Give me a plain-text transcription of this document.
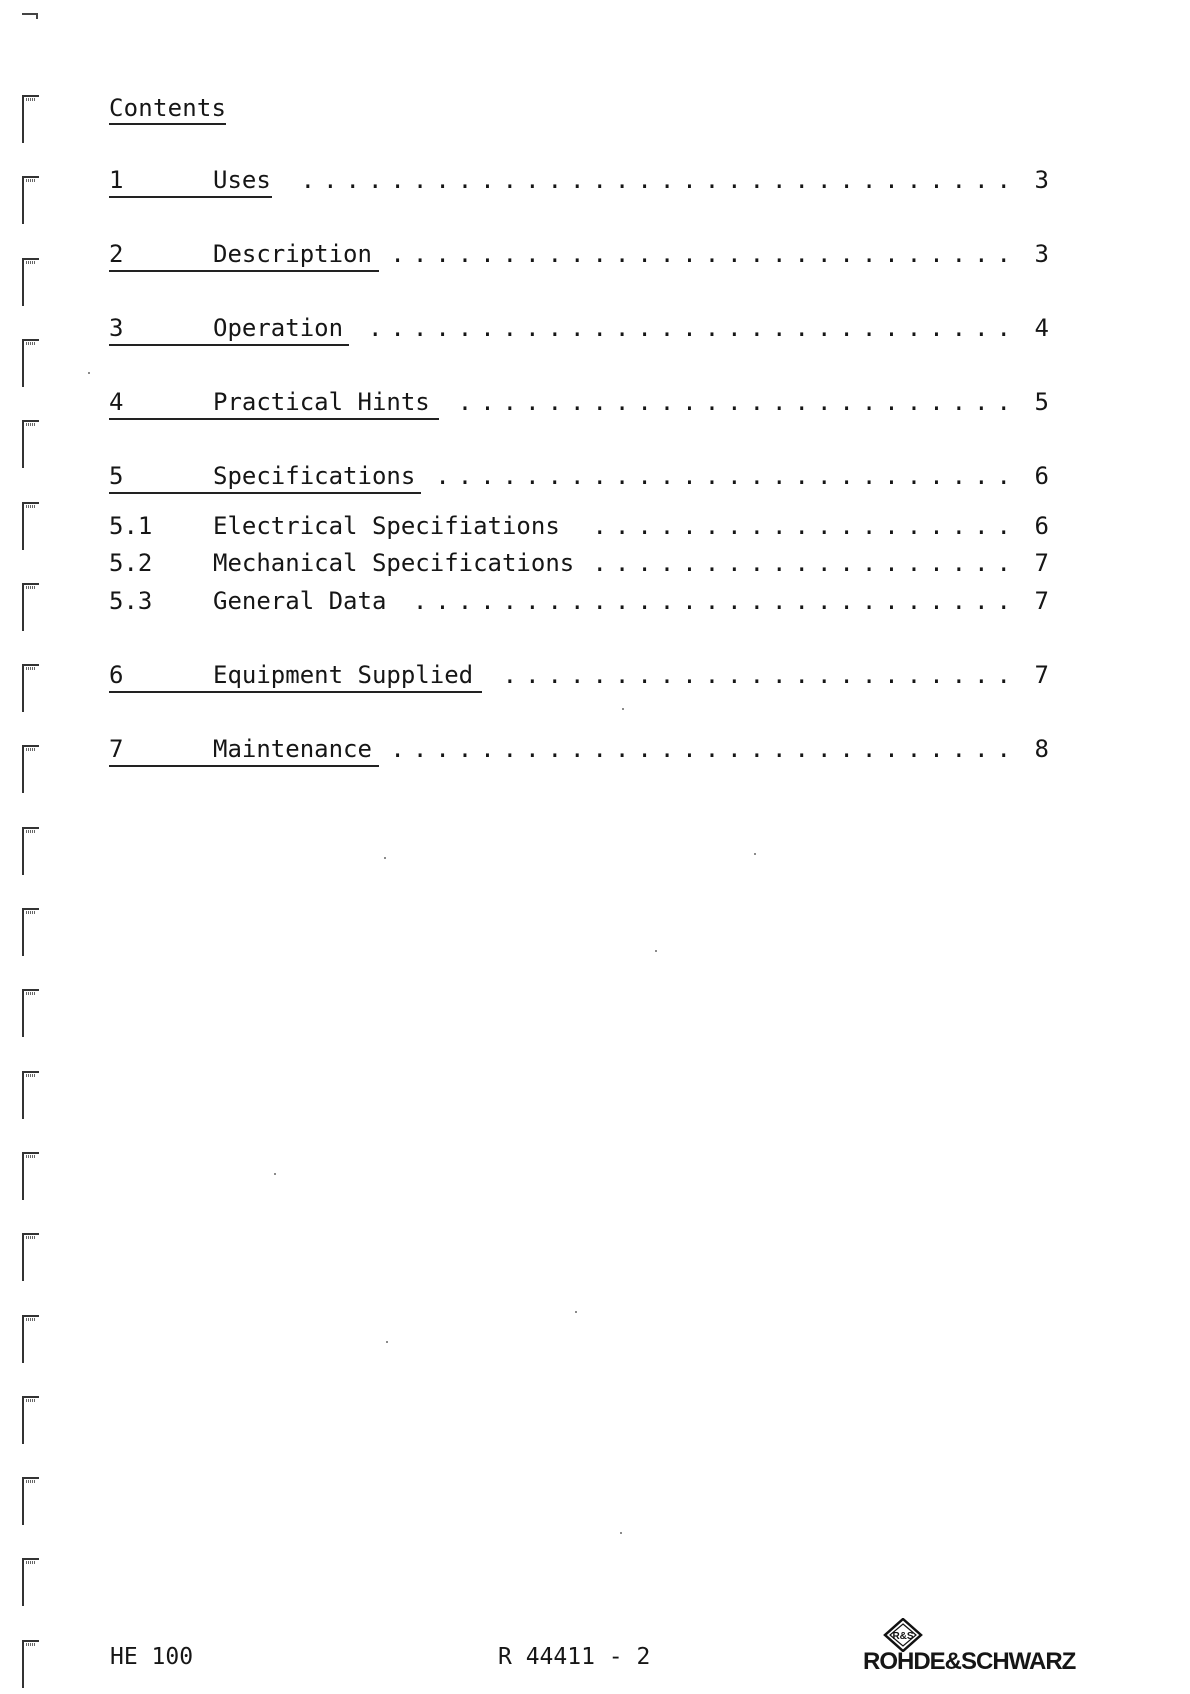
Contents
1	Uses	................................ 3
2	Description ............................ 3
3	Operation	............................. 4
4	Practical Hints	......................... 5
5	Specifications .......................... 6
5.1	Electrical Specifiations	................... 6
5.2	Mechanical Specifications ................... 7
5.3	General Data	........................... 7
6	Equipment Supplied	....................... 7
7	Maintenance ............................ 8
HE 100	R 44411 - 2
R&S
ROHDE&SCHWARZ
